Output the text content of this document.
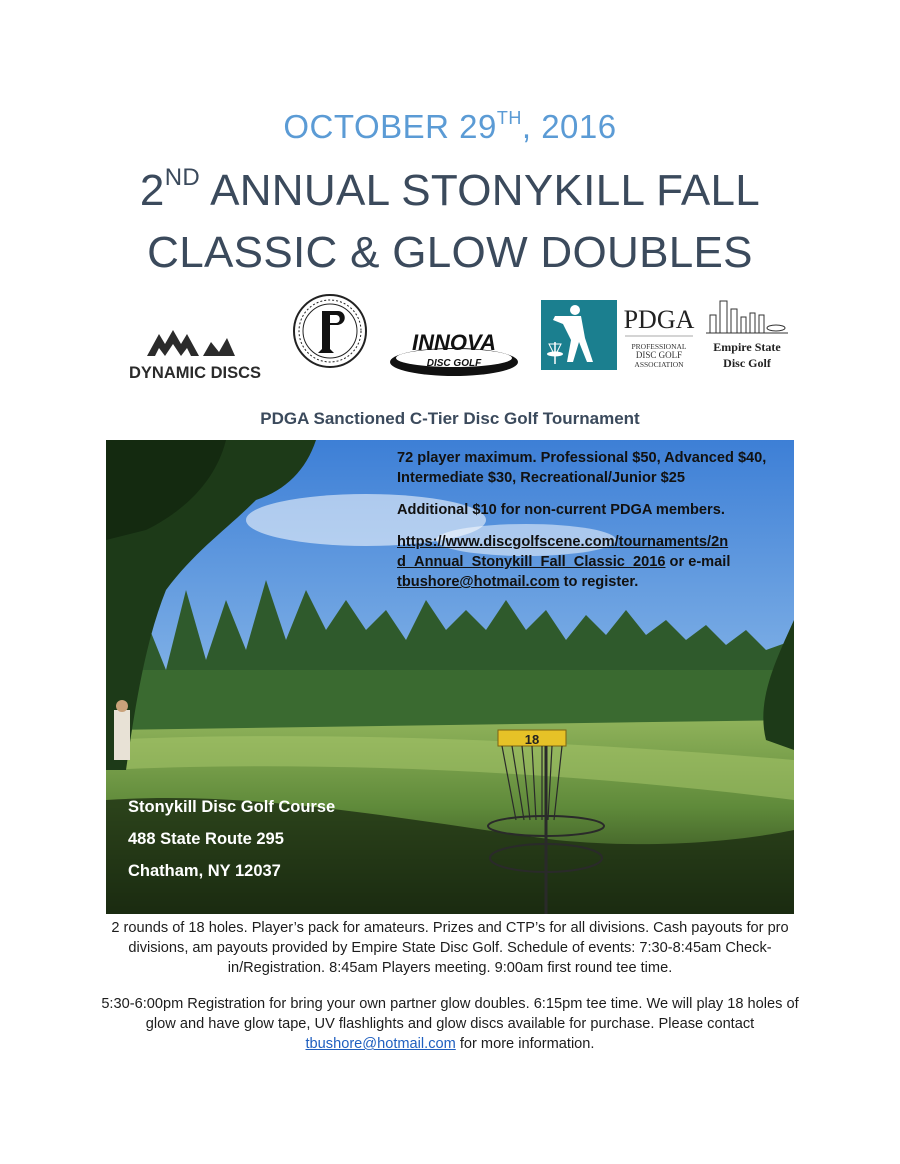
OCTOBER 29TH, 2016
2ND ANNUAL STONYKILL FALL
CLASSIC & GLOW DOUBLES
DYNAMIC DISCS
INNOVA
DISC GOLF
PDGA
PROFESSIONAL
DISC GOLF
ASSOCIATION
Empire State
Disc Golf
PDGA Sanctioned C-Tier Disc Golf Tournament
18

72 player maximum. Professional $50, Advanced $40, Intermediate $30, Recreational/Junior $25

Additional $10 for non-current PDGA members.

https://www.discgolfscene.com/tournaments/2n
d_Annual_Stonykill_Fall_Classic_2016 or e-mail
tbushore@hotmail.com to register.

Stonykill Disc Golf Course
488 State Route 295
Chatham, NY 12037
2 rounds of 18 holes. Player’s pack for amateurs. Prizes and CTP’s for all divisions. Cash payouts for pro divisions, am payouts provided by Empire State Disc Golf. Schedule of events: 7:30-8:45am Check-in/Registration. 8:45am Players meeting. 9:00am first round tee time.
5:30-6:00pm Registration for bring your own partner glow doubles. 6:15pm tee time. We will play 18 holes of glow and have glow tape, UV flashlights and glow discs available for purchase. Please contact tbushore@hotmail.com for more information.
